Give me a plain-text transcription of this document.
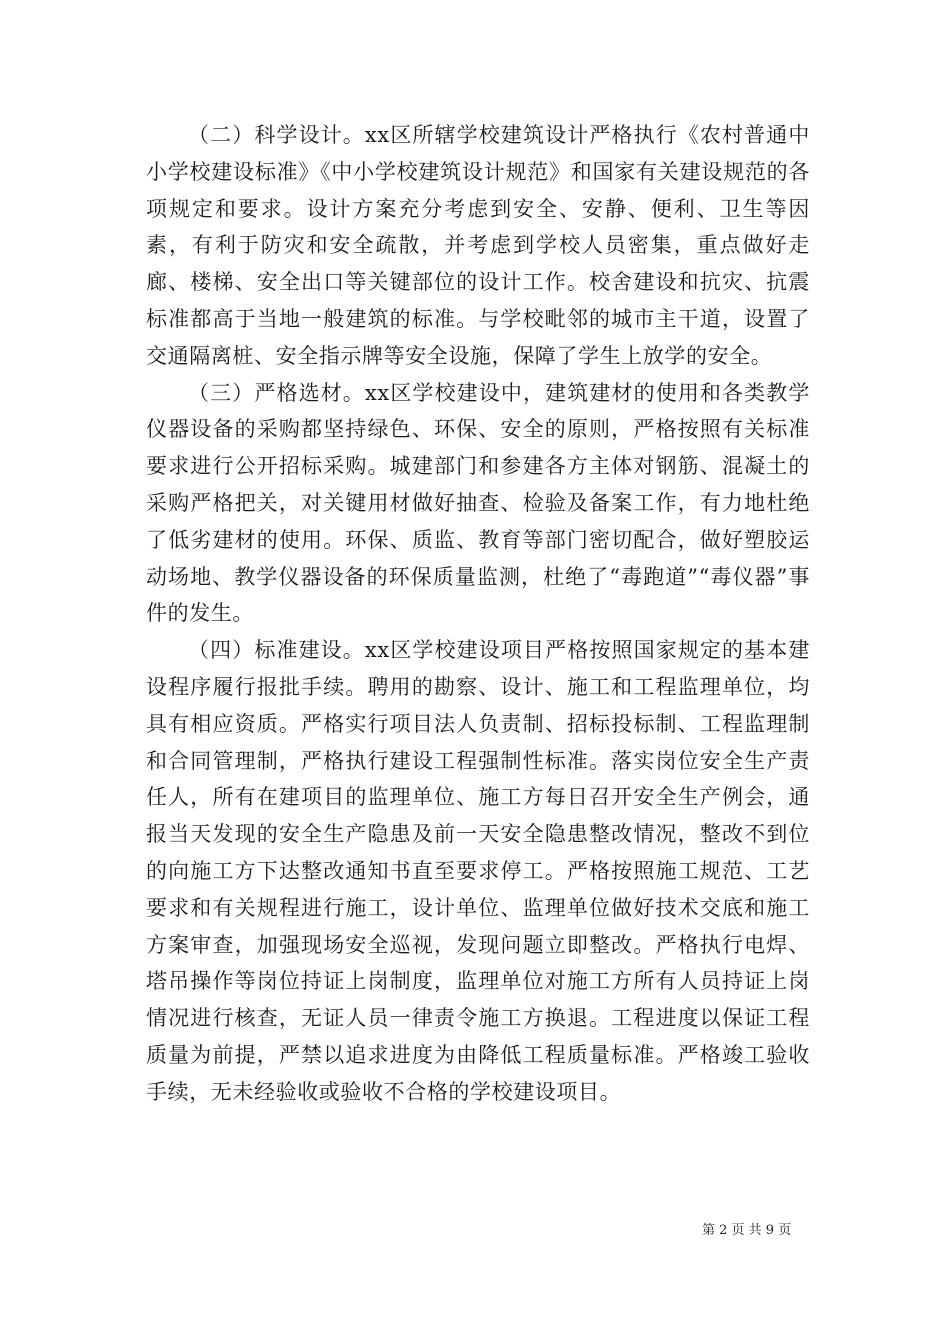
（二）科学设计。xx区所辖学校建筑设计严格执行《农村普通中小学校建设标准》《中小学校建筑设计规范》和国家有关建设规范的各项规定和要求。设计方案充分考虑到安全、安静、便利、卫生等因素，有利于防灾和安全疏散，并考虑到学校人员密集，重点做好走廊、楼梯、安全出口等关键部位的设计工作。校舍建设和抗灾、抗震标准都高于当地一般建筑的标准。与学校毗邻的城市主干道，设置了交通隔离桩、安全指示牌等安全设施，保障了学生上放学的安全。

（三）严格选材。xx区学校建设中，建筑建材的使用和各类教学仪器设备的采购都坚持绿色、环保、安全的原则，严格按照有关标准要求进行公开招标采购。城建部门和参建各方主体对钢筋、混凝土的采购严格把关，对关键用材做好抽查、检验及备案工作，有力地杜绝了低劣建材的使用。环保、质监、教育等部门密切配合，做好塑胶运动场地、教学仪器设备的环保质量监测，杜绝了“毒跑道”“毒仪器”事件的发生。

（四）标准建设。xx区学校建设项目严格按照国家规定的基本建设程序履行报批手续。聘用的勘察、设计、施工和工程监理单位，均具有相应资质。严格实行项目法人负责制、招标投标制、工程监理制和合同管理制，严格执行建设工程强制性标准。落实岗位安全生产责任人，所有在建项目的监理单位、施工方每日召开安全生产例会，通报当天发现的安全生产隐患及前一天安全隐患整改情况，整改不到位的向施工方下达整改通知书直至要求停工。严格按照施工规范、工艺要求和有关规程进行施工，设计单位、监理单位做好技术交底和施工方案审查，加强现场安全巡视，发现问题立即整改。严格执行电焊、塔吊操作等岗位持证上岗制度，监理单位对施工方所有人员持证上岗情况进行核查，无证人员一律责令施工方换退。工程进度以保证工程质量为前提，严禁以追求进度为由降低工程质量标准。严格竣工验收手续，无未经验收或验收不合格的学校建设项目。

第 2 页 共 9 页
